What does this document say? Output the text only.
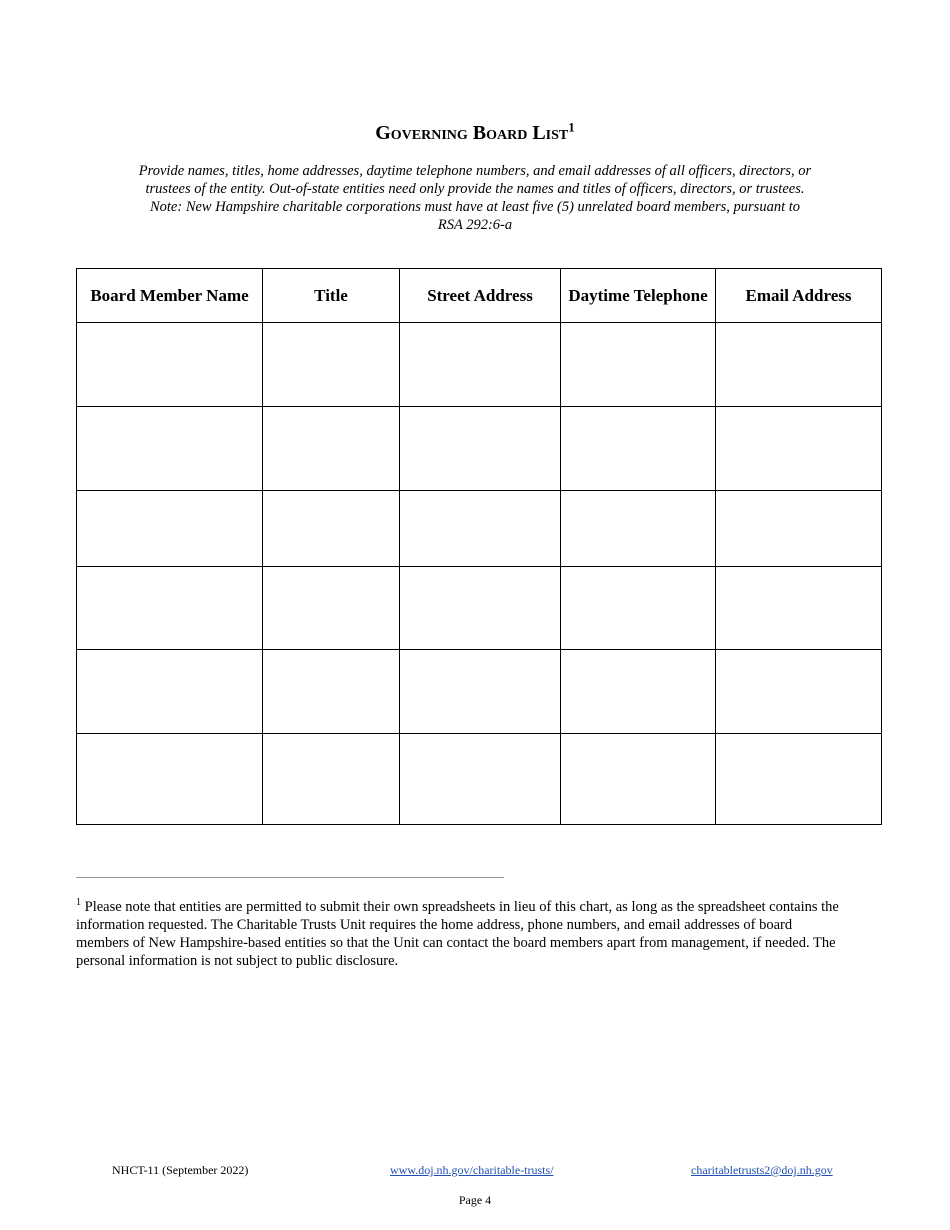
Governing Board List$^1$
Provide names, titles, home addresses, daytime telephone numbers, and email addresses of all officers, directors, or
trustees of the entity. Out-of-state entities need only provide the names and titles of officers, directors, or trustees.
Note: New Hampshire charitable corporations must have at least five (5) unrelated board members, pursuant to
RSA 292:6-a
Board Member Name	Title	Street Address	Daytime Telephone	Email Address

$^1$ Please note that entities are permitted to submit their own spreadsheets in lieu of this chart, as long as the spreadsheet contains the information requested. The Charitable Trusts Unit requires the home address, phone numbers, and email addresses of board members of New Hampshire-based entities so that the Unit can contact the board members apart from management, if needed. The personal information is not subject to public disclosure.
NHCT-11 (September 2022)	www.doj.nh.gov/charitable-trusts/	charitabletrusts2@doj.nh.gov
Page 4
